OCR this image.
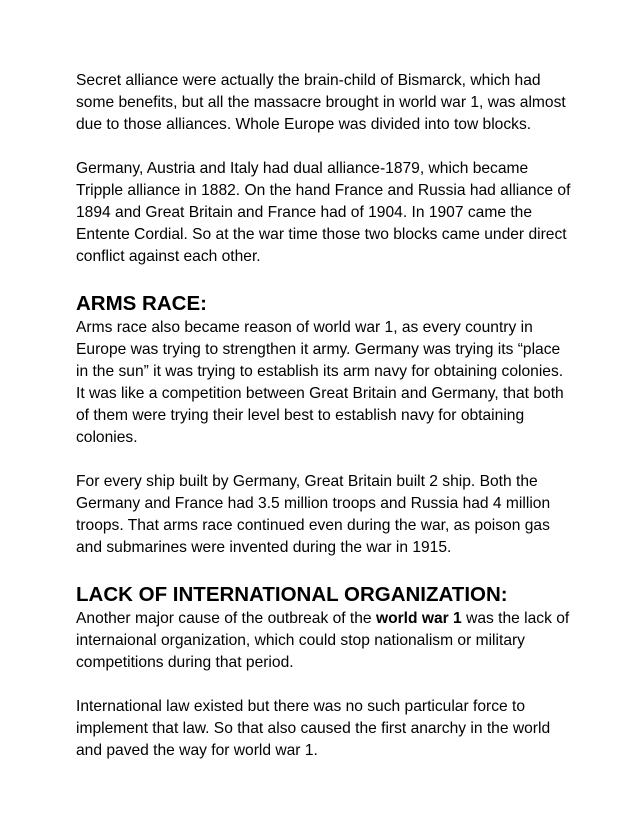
Secret alliance were actually the brain-child of Bismarck, which had some benefits, but all the massacre brought in world war 1, was almost due to those alliances. Whole Europe was divided into tow blocks.

Germany, Austria and Italy had dual alliance-1879, which became Tripple alliance in 1882. On the hand France and Russia had alliance of 1894 and Great Britain and France had of 1904. In 1907 came the Entente Cordial. So at the war time those two blocks came under direct conflict against each other.

ARMS RACE:

Arms race also became reason of world war 1, as every country in Europe was trying to strengthen it army. Germany was trying its “place in the sun” it was trying to establish its arm navy for obtaining colonies. It was like a competition between Great Britain and Germany, that both of them were trying their level best to establish navy for obtaining colonies.

For every ship built by Germany, Great Britain built 2 ship. Both the Germany and France had 3.5 million troops and Russia had 4 million troops. That arms race continued even during the war, as poison gas and submarines were invented during the war in 1915.

LACK OF INTERNATIONAL ORGANIZATION:

Another major cause of the outbreak of the world war 1 was the lack of internaional organization, which could stop nationalism or military competitions during that period.

International law existed but there was no such particular force to implement that law. So that also caused the first anarchy in the world and paved the way for world war 1.
